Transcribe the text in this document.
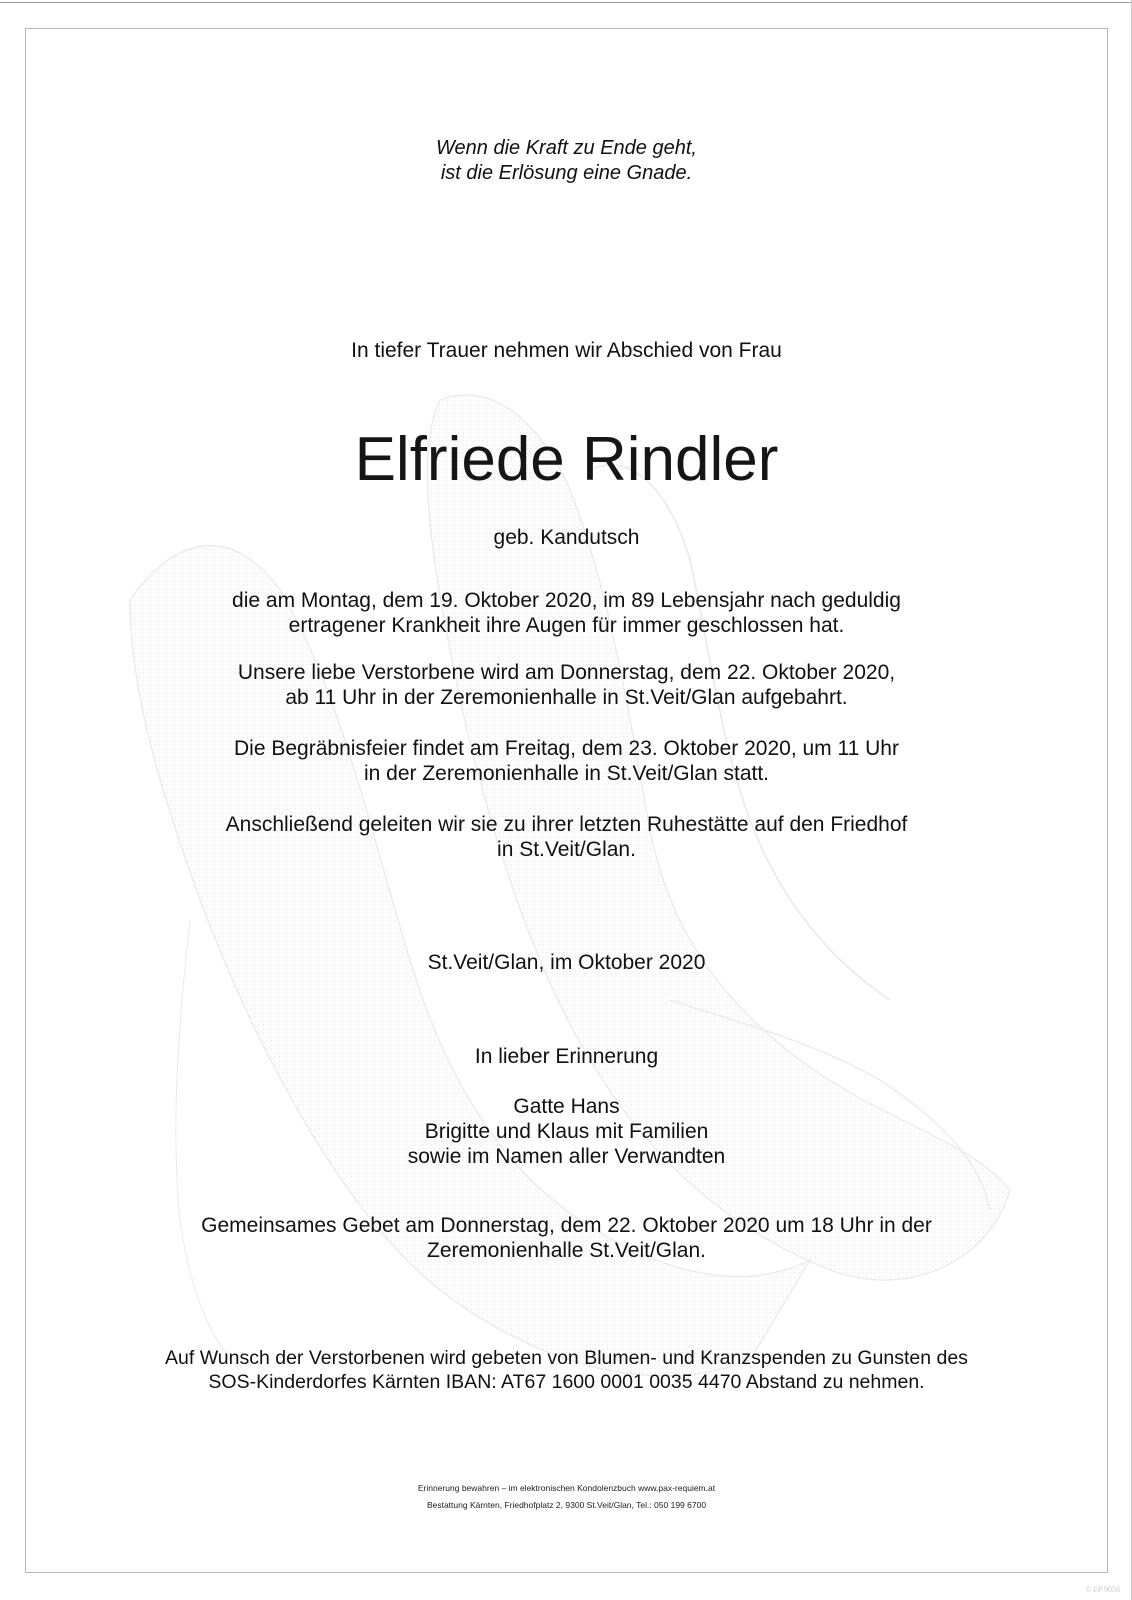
Wenn die Kraft zu Ende geht,
ist die Erlösung eine Gnade.
In tiefer Trauer nehmen wir Abschied von Frau
Elfriede Rindler
geb. Kandutsch
die am Montag, dem 19. Oktober 2020, im 89 Lebensjahr nach geduldig
ertragener Krankheit ihre Augen für immer geschlossen hat.
Unsere liebe Verstorbene wird am Donnerstag, dem 22. Oktober 2020,
ab 11 Uhr in der Zeremonienhalle in St.Veit/Glan aufgebahrt.
Die Begräbnisfeier findet am Freitag, dem 23. Oktober 2020, um 11 Uhr
in der Zeremonienhalle in St.Veit/Glan statt.
Anschließend geleiten wir sie zu ihrer letzten Ruhestätte auf den Friedhof
in St.Veit/Glan.
St.Veit/Glan, im Oktober 2020
In lieber Erinnerung
Gatte Hans
Brigitte und Klaus mit Familien
sowie im Namen aller Verwandten
Gemeinsames Gebet am Donnerstag, dem 22. Oktober 2020 um 18 Uhr in der
Zeremonienhalle St.Veit/Glan.
Auf Wunsch der Verstorbenen wird gebeten von Blumen- und Kranzspenden zu Gunsten des
SOS-Kinderdorfes Kärnten IBAN: AT67 1600 0001 0035 4470 Abstand zu nehmen.
Erinnerung bewahren – im elektronischen Kondolenzbuch www.pax-requiem.at
Bestattung Kärnten, Friedhofplatz 2, 9300 St.Veit/Glan, Tel.: 050 199 6700
© FP 9056
